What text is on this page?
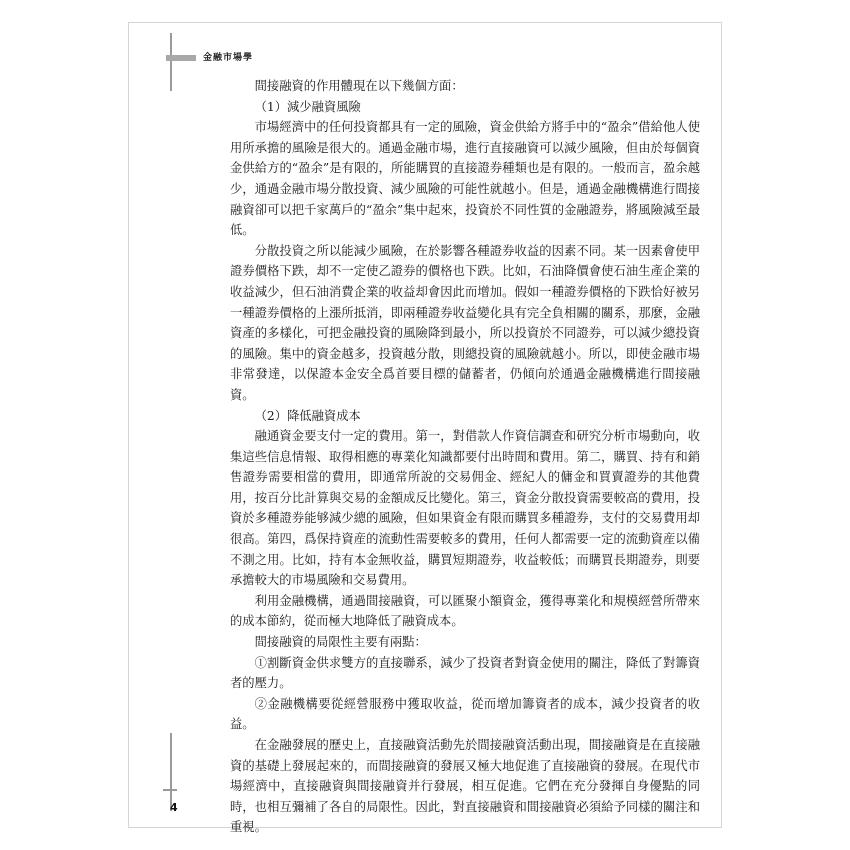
金融市場學

間接融資的作用體現在以下幾個方面：

（1）減少融資風險

市場經濟中的任何投資都具有一定的風險，資金供給方將手中的“盈余”借給他人使用所承擔的風險是很大的。通過金融市場，進行直接融資可以減少風險，但由於每個資金供給方的“盈余”是有限的，所能購買的直接證券種類也是有限的。一般而言，盈余越少，通過金融市場分散投資、減少風險的可能性就越小。但是，通過金融機構進行間接融資卻可以把千家萬戶的“盈余”集中起來，投資於不同性質的金融證券，將風險減至最低。

分散投資之所以能減少風險，在於影響各種證券收益的因素不同。某一因素會使甲證券價格下跌，却不一定使乙證券的價格也下跌。比如，石油降價會使石油生產企業的收益減少，但石油消費企業的收益却會因此而增加。假如一種證券價格的下跌恰好被另一種證券價格的上漲所抵消，即兩種證券收益變化具有完全負相關的關系，那麼，金融資產的多樣化，可把金融投資的風險降到最小，所以投資於不同證券，可以減少總投資的風險。集中的資金越多，投資越分散，則總投資的風險就越小。所以，即使金融市場非常發達，以保證本金安全爲首要目標的儲蓄者，仍傾向於通過金融機構進行間接融資。

（2）降低融資成本

融通資金要支付一定的費用。第一，對借款人作資信調查和研究分析市場動向，收集這些信息情報、取得相應的專業化知識都要付出時間和費用。第二，購買、持有和銷售證券需要相當的費用，即通常所說的交易佣金、經紀人的傭金和買賣證券的其他費用，按百分比計算與交易的金額成反比變化。第三，資金分散投資需要較高的費用，投資於多種證券能够減少總的風險，但如果資金有限而購買多種證券，支付的交易費用却很高。第四，爲保持資産的流動性需要較多的費用，任何人都需要一定的流動資産以備不測之用。比如，持有本金無收益，購買短期證券，收益較低；而購買長期證券，則要承擔較大的市場風險和交易費用。

利用金融機構，通過間接融資，可以匯聚小額資金，獲得專業化和規模經營所帶來的成本節約，從而極大地降低了融資成本。

間接融資的局限性主要有兩點：

①割斷資金供求雙方的直接聯系，減少了投資者對資金使用的關注，降低了對籌資者的壓力。

②金融機構要從經營服務中獲取收益，從而增加籌資者的成本，減少投資者的收益。

在金融發展的歷史上，直接融資活動先於間接融資活動出現，間接融資是在直接融資的基礎上發展起來的，而間接融資的發展又極大地促進了直接融資的發展。在現代市場經濟中，直接融資與間接融資并行發展，相互促進。它們在充分發揮自身優點的同時，也相互彌補了各自的局限性。因此，對直接融資和間接融資必須給予同樣的關注和重視。

4
